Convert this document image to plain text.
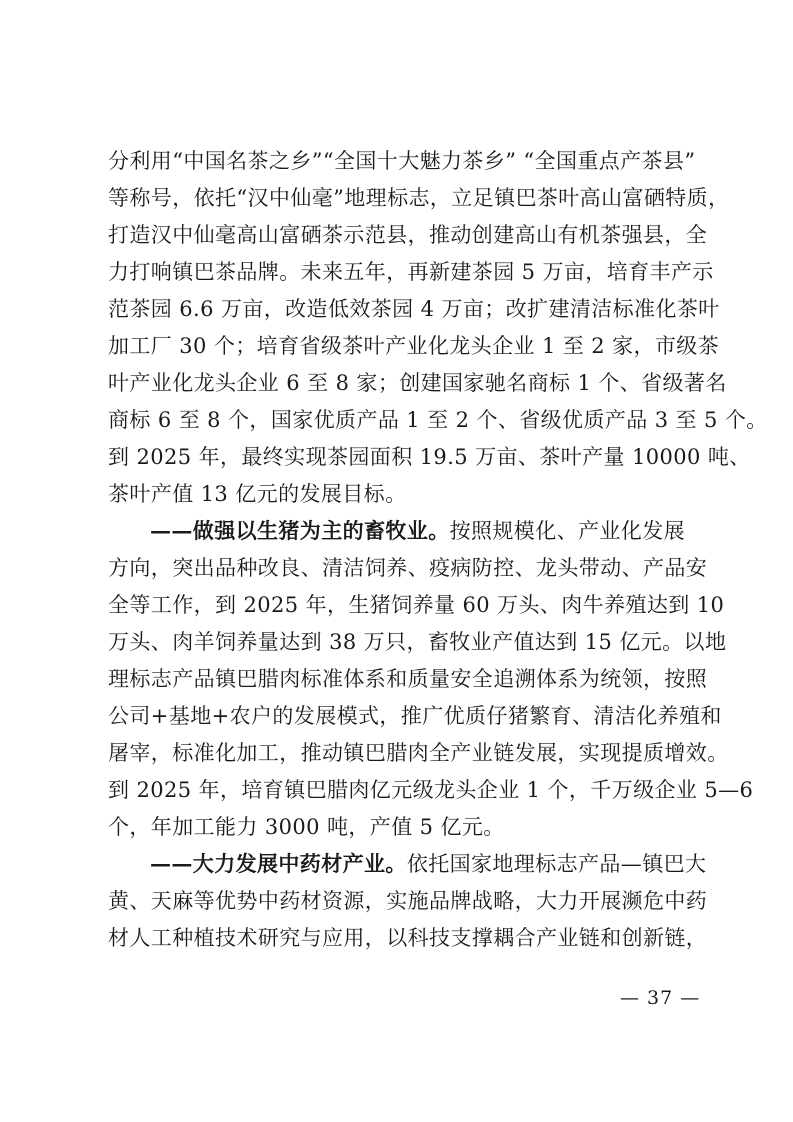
分利用“中国名茶之乡”“全国十大魅力茶乡” “全国重点产茶县”
等称号，依托“汉中仙毫”地理标志，立足镇巴茶叶高山富硒特质，
打造汉中仙毫高山富硒茶示范县，推动创建高山有机茶强县，全
力打响镇巴茶品牌。未来五年，再新建茶园 5 万亩，培育丰产示
范茶园 6.6 万亩，改造低效茶园 4 万亩；改扩建清洁标准化茶叶
加工厂 30 个；培育省级茶叶产业化龙头企业 1 至 2 家，市级茶
叶产业化龙头企业 6 至 8 家；创建国家驰名商标 1 个、省级著名
商标 6 至 8 个，国家优质产品 1 至 2 个、省级优质产品 3 至 5 个。
到 2025 年，最终实现茶园面积 19.5 万亩、茶叶产量 10000 吨、
茶叶产值 13 亿元的发展目标。
——做强以生猪为主的畜牧业。按照规模化、产业化发展
方向，突出品种改良、清洁饲养、疫病防控、龙头带动、产品安
全等工作，到 2025 年，生猪饲养量 60 万头、肉牛养殖达到 10
万头、肉羊饲养量达到 38 万只，畜牧业产值达到 15 亿元。以地
理标志产品镇巴腊肉标准体系和质量安全追溯体系为统领，按照
公司+基地+农户的发展模式，推广优质仔猪繁育、清洁化养殖和
屠宰，标准化加工，推动镇巴腊肉全产业链发展，实现提质增效。
到 2025 年，培育镇巴腊肉亿元级龙头企业 1 个，千万级企业 5—6
个，年加工能力 3000 吨，产值 5 亿元。
——大力发展中药材产业。依托国家地理标志产品—镇巴大
黄、天麻等优势中药材资源，实施品牌战略，大力开展濒危中药
材人工种植技术研究与应用，以科技支撑耦合产业链和创新链，
— 37 —
